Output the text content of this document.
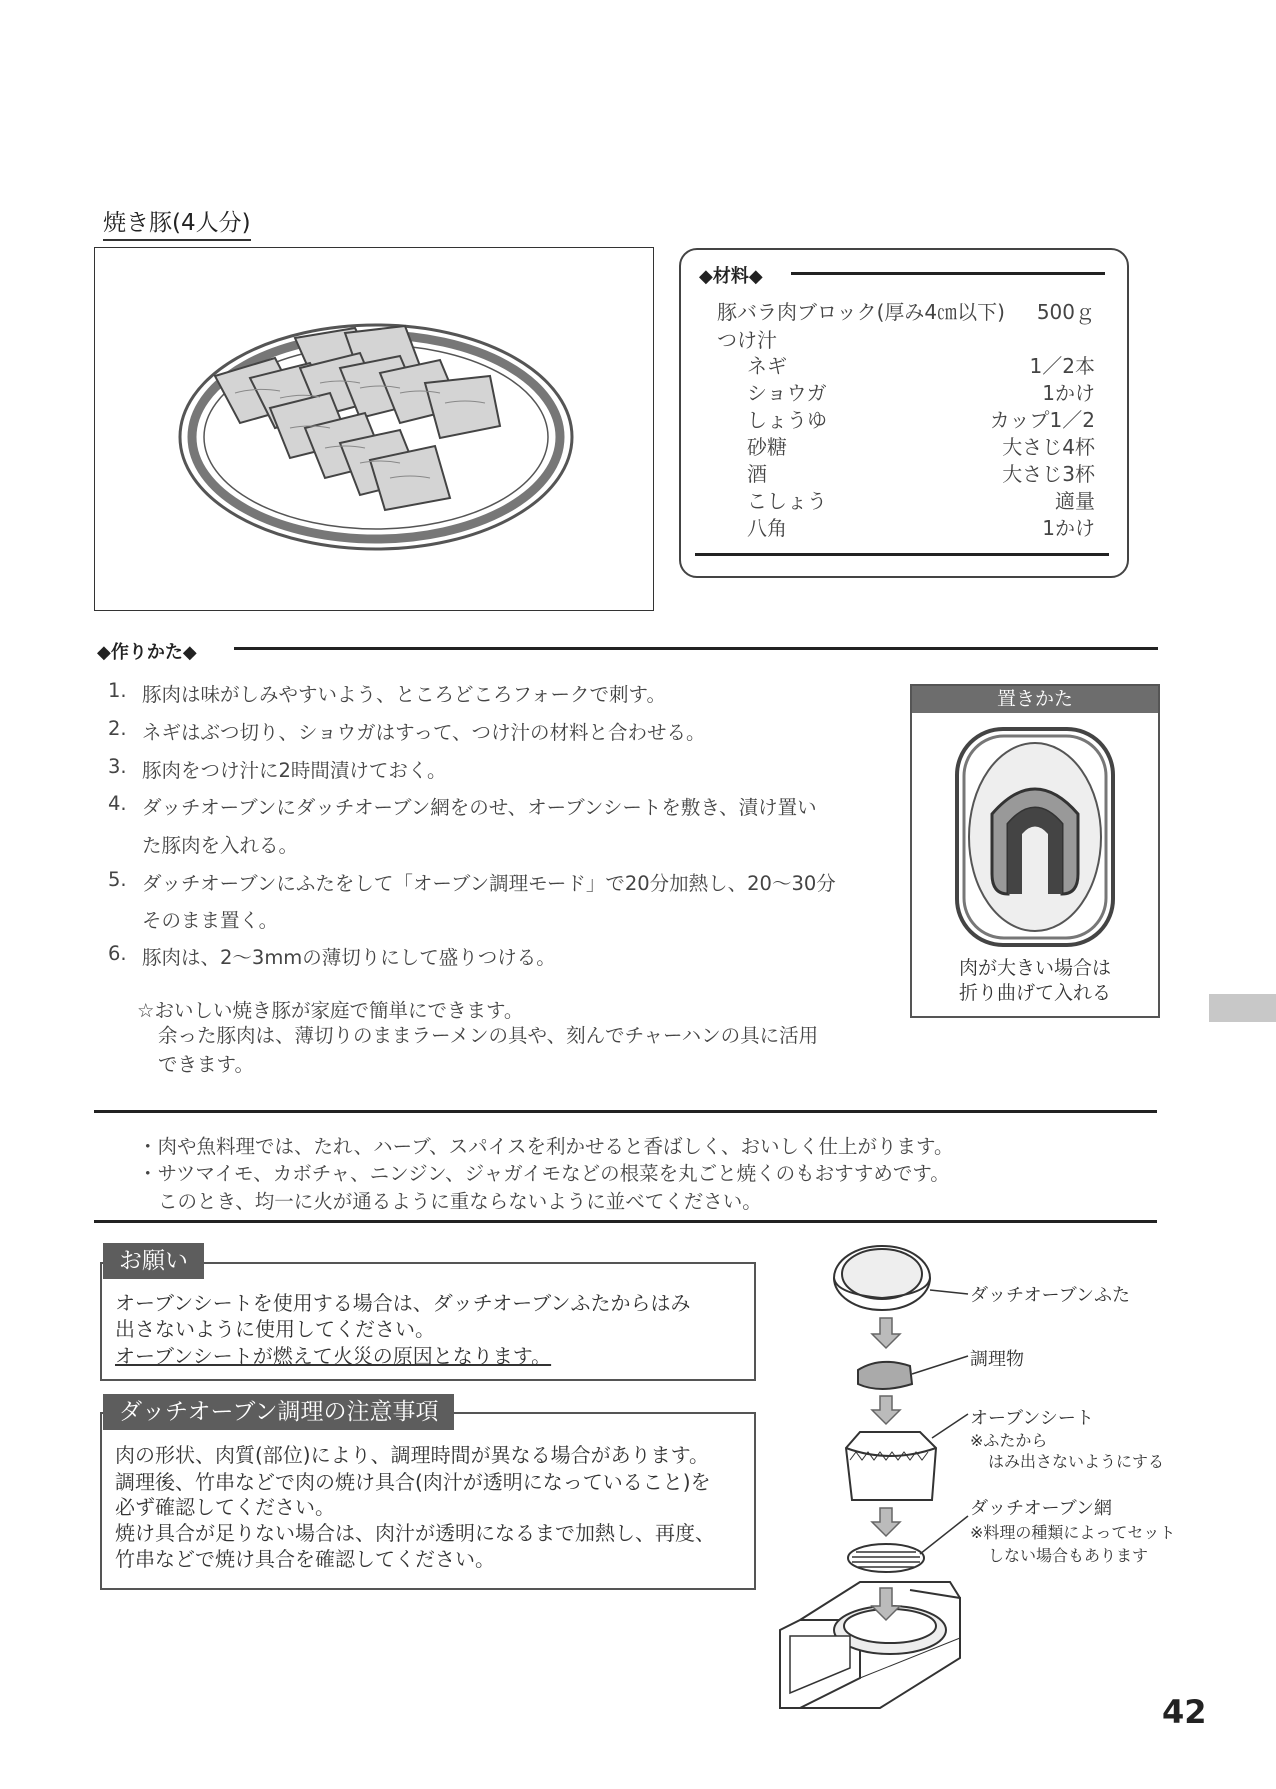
焼き豚(4人分)
◆材料◆
豚バラ肉ブロック(厚み4㎝以下) 500ｇ
つけ汁
ネギ	1／2本
ショウガ	1かけ
しょうゆ	カップ1／2
砂糖	大さじ4杯
酒	大さじ3杯
こしょう	適量
八角	1かけ
◆作りかた◆
1. 豚肉は味がしみやすいよう、ところどころフォークで刺す。
2. ネギはぶつ切り、ショウガはすって、つけ汁の材料と合わせる。
3. 豚肉をつけ汁に2時間漬けておく。
4. ダッチオーブンにダッチオーブン網をのせ、オーブンシートを敷き、漬け置い
た豚肉を入れる。
5. ダッチオーブンにふたをして「オーブン調理モード」で20分加熱し、20〜30分
そのまま置く。
6. 豚肉は、2〜3mmの薄切りにして盛りつける。
☆おいしい焼き豚が家庭で簡単にできます。
余った豚肉は、薄切りのままラーメンの具や、刻んでチャーハンの具に活用
できます。
置きかた
肉が大きい場合は
折り曲げて入れる
・肉や魚料理では、たれ、ハーブ、スパイスを利かせると香ばしく、おいしく仕上がります。
・サツマイモ、カボチャ、ニンジン、ジャガイモなどの根菜を丸ごと焼くのもおすすめです。
このとき、均一に火が通るように重ならないように並べてください。
オーブンシートを使用する場合は、ダッチオーブンふたからはみ
出さないように使用してください。
オーブンシートが燃えて火災の原因となります。
お願い
肉の形状、肉質(部位)により、調理時間が異なる場合があります。
調理後、竹串などで肉の焼け具合(肉汁が透明になっていること)を
必ず確認してください。
焼け具合が足りない場合は、肉汁が透明になるまで加熱し、再度、
竹串などで焼け具合を確認してください。
ダッチオーブン調理の注意事項
ダッチオーブンふた
調理物
オーブンシート
※ふたから
はみ出さないようにする
ダッチオーブン網
※料理の種類によってセット
しない場合もあります
42
